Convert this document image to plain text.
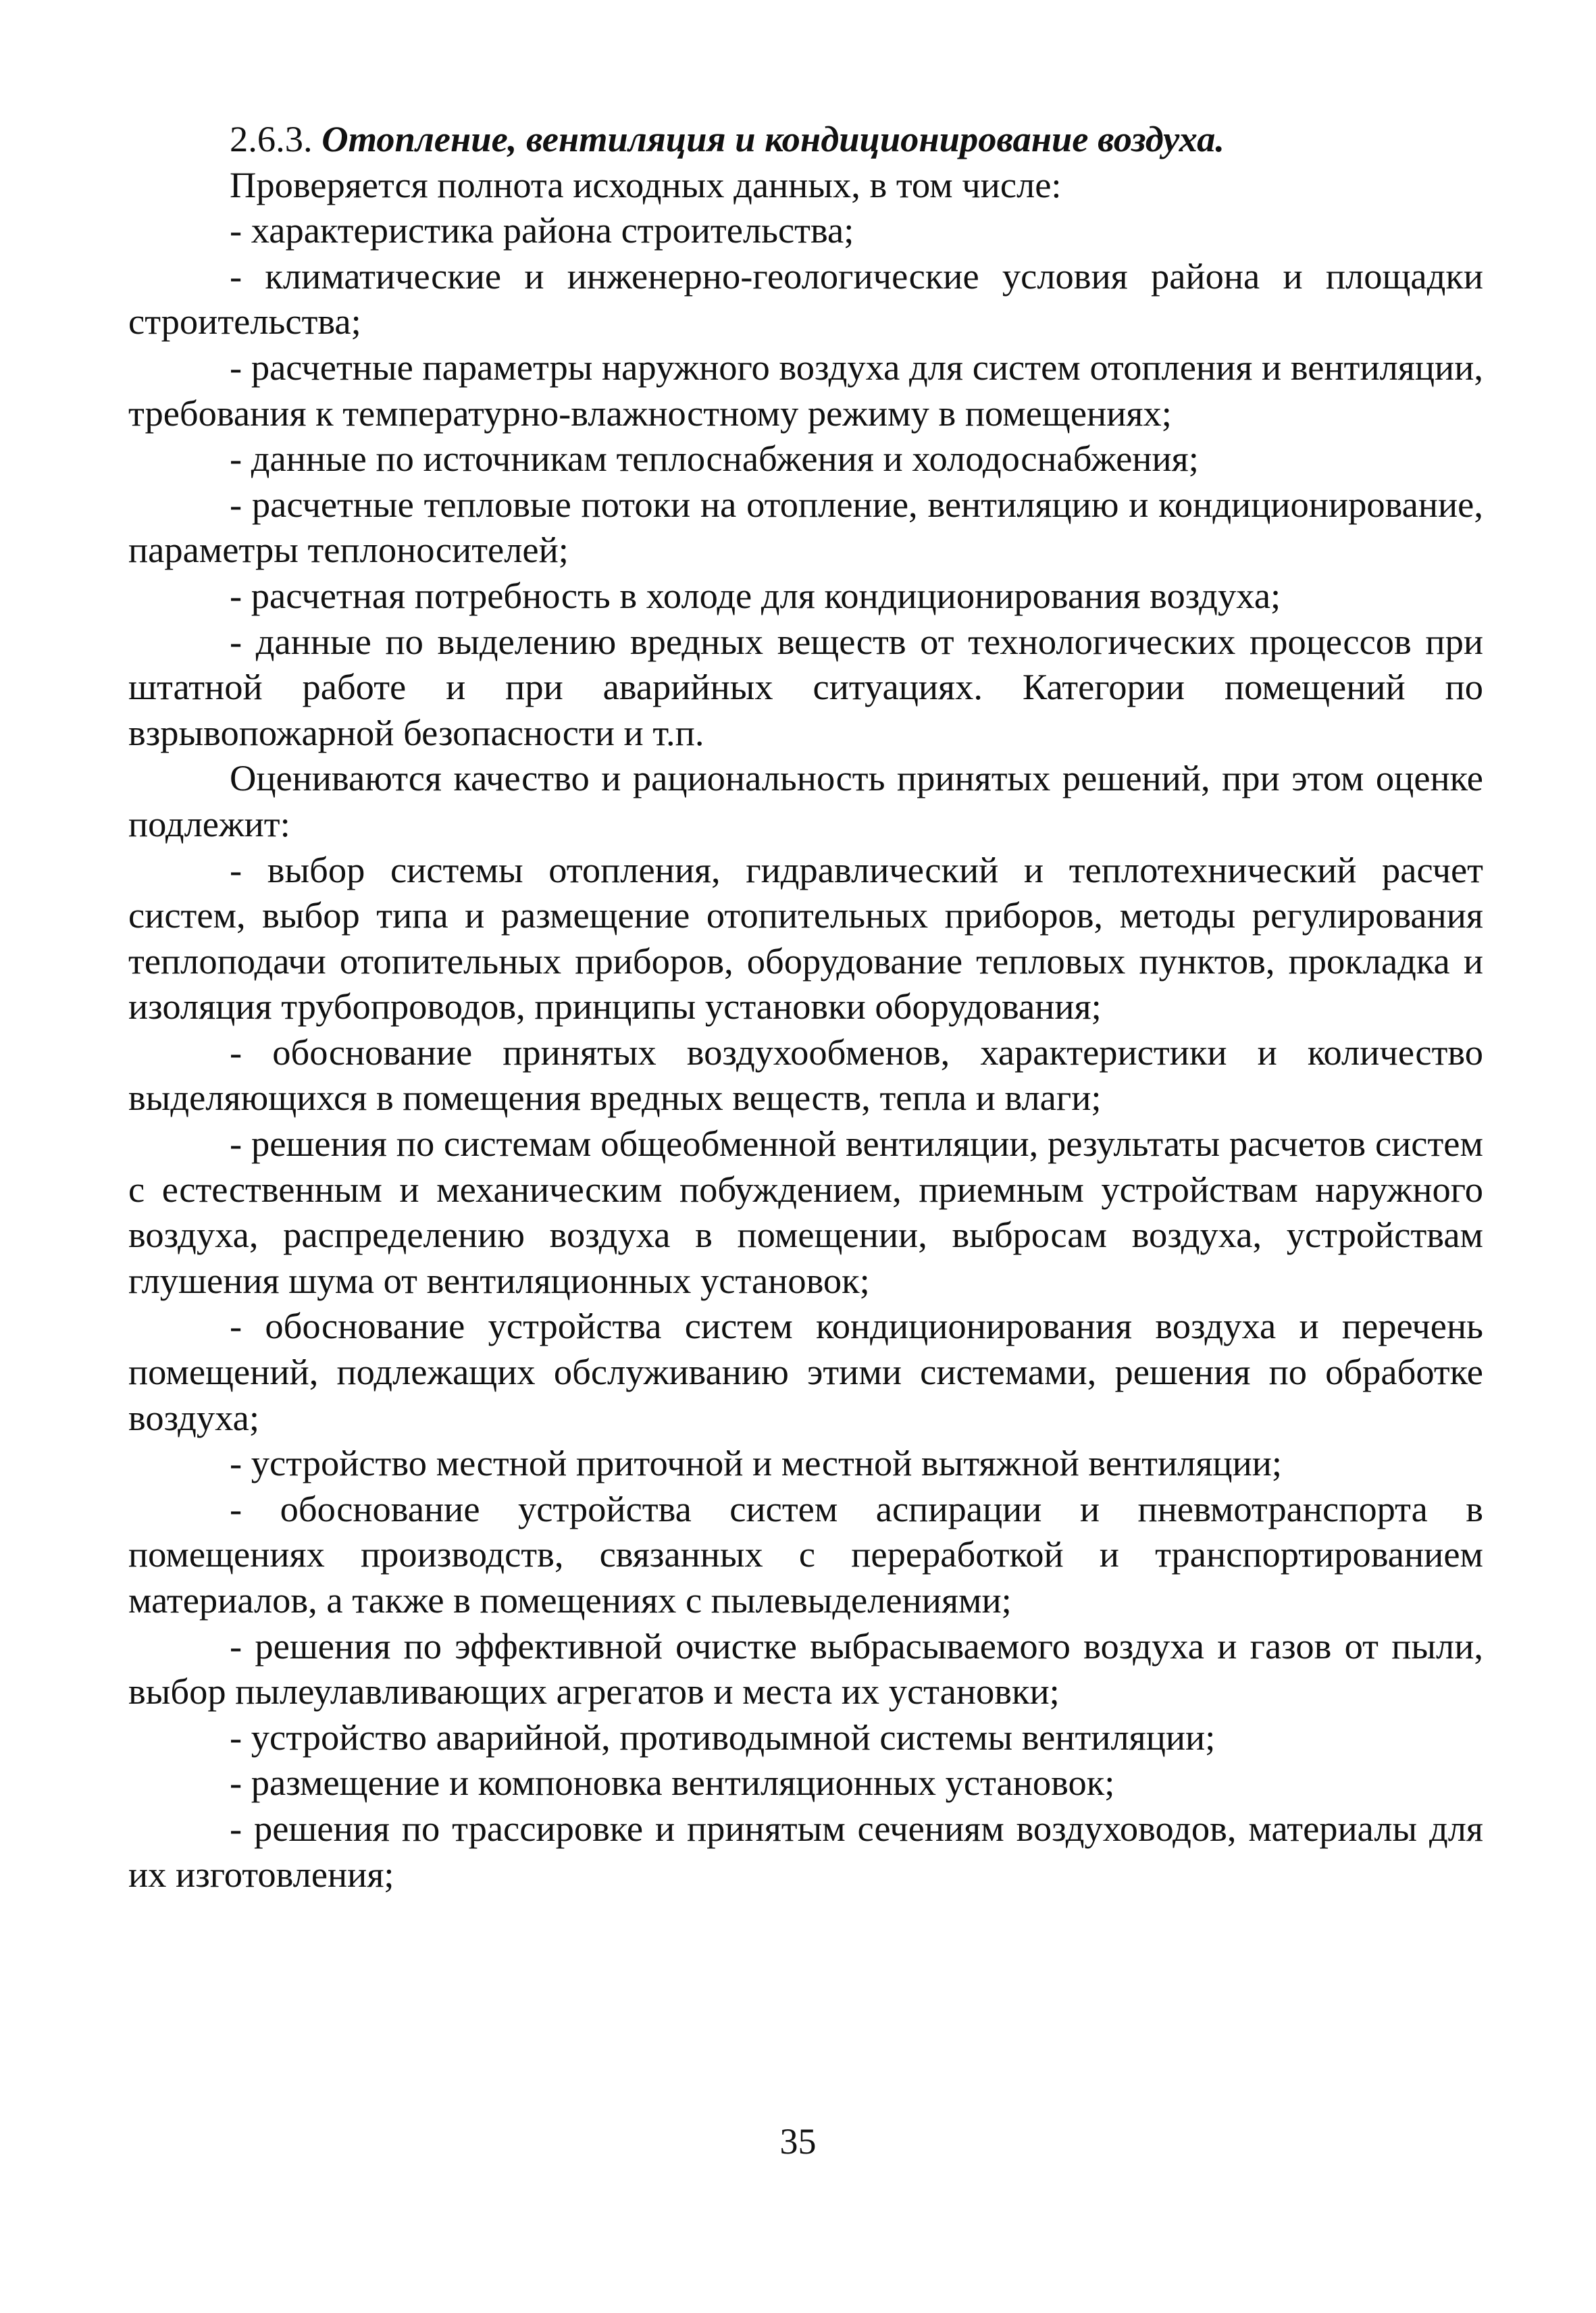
2.6.3. Отопление, вентиляция и кондиционирование воздуха.

Проверяется полнота исходных данных, в том числе:

- характеристика района строительства;

- климатические и инженерно-геологические условия района и площадки строительства;

- расчетные параметры наружного воздуха для систем отопления и вентиляции, требования к температурно-влажностному режиму в помещениях;

- данные по источникам теплоснабжения и холодоснабжения;

- расчетные тепловые потоки на отопление, вентиляцию и кондиционирование, параметры теплоносителей;

- расчетная потребность в холоде для кондиционирования воздуха;

- данные по выделению вредных веществ от технологических процессов при штатной работе и при аварийных ситуациях. Категории помещений по взрывопожарной безопасности и т.п.

Оцениваются качество и рациональность принятых решений, при этом оценке подлежит:

- выбор системы отопления, гидравлический и теплотехнический расчет систем, выбор типа и размещение отопительных приборов, методы регулирования теплоподачи отопительных приборов, оборудование тепловых пунктов, прокладка и изоляция трубопроводов, принципы установки оборудования;

- обоснование принятых воздухообменов, характеристики и количество выделяющихся в помещения вредных веществ, тепла и влаги;

- решения по системам общеобменной вентиляции, результаты расчетов систем с естественным и механическим побуждением, приемным устройствам наружного воздуха, распределению воздуха в помещении, выбросам воздуха, устройствам глушения шума от вентиляционных установок;

- обоснование устройства систем кондиционирования воздуха и перечень помещений, подлежащих обслуживанию этими системами, решения по обработке воздуха;

- устройство местной приточной и местной вытяжной вентиляции;

- обоснование устройства систем аспирации и пневмотранспорта в помещениях производств, связанных с переработкой и транспортированием материалов, а также в помещениях с пылевыделениями;

- решения по эффективной очистке выбрасываемого воздуха и газов от пыли, выбор пылеулавливающих агрегатов и места их установки;

- устройство аварийной, противодымной системы вентиляции;

- размещение и компоновка вентиляционных установок;

- решения по трассировке и принятым сечениям воздуховодов, материалы для их изготовления;

35
